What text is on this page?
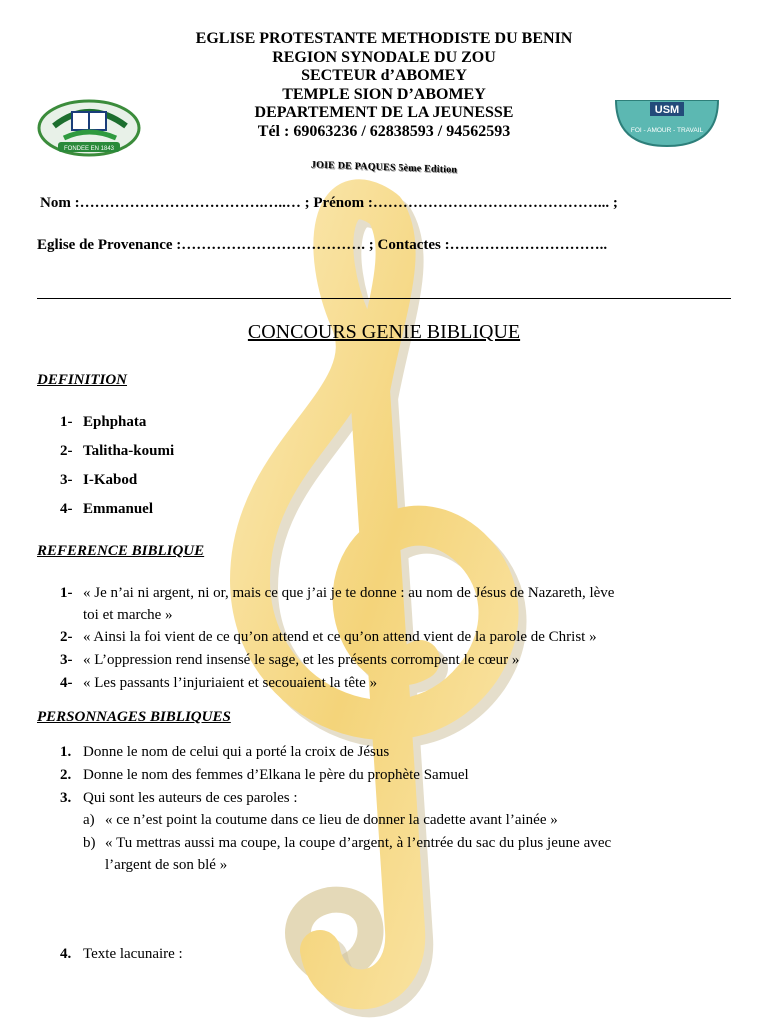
EGLISE PROTESTANTE METHODISTE DU BENIN
REGION SYNODALE DU ZOU
SECTEUR d’ABOMEY
TEMPLE SION D’ABOMEY
DEPARTEMENT DE LA JEUNESSE
Tél : 69063236 / 62838593 / 94562593
FONDEE EN 1843
USM
FOI - AMOUR - TRAVAIL
JOIE DE PAQUES 5ème Edition
Nom :……………………………….…..… ; Prénom :………………………………………... ;
Eglise de Provenance :………………………………. ; Contactes :…………………………..
CONCOURS GENIE BIBLIQUE
DEFINITION
1- Ephphata
2- Talitha-koumi
3- I-Kabod
4- Emmanuel
REFERENCE BIBLIQUE
1- « Je n’ai ni argent, ni or, mais ce que j’ai je te donne : au nom de Jésus de Nazareth, lève
toi et marche »
2- « Ainsi la foi vient de ce qu’on attend et ce qu’on attend vient de la parole de Christ »
3- « L’oppression rend insensé le sage, et les présents corrompent le cœur »
4- « Les passants l’injuriaient et secouaient la tête »
PERSONNAGES BIBLIQUES
1. Donne le nom de celui qui a porté la croix de Jésus
2. Donne le nom des femmes d’Elkana le père du prophète Samuel
3. Qui sont les auteurs de ces paroles :
a) « ce n’est point la coutume dans ce lieu de donner la cadette avant l’ainée »
b) « Tu mettras aussi ma coupe, la coupe d’argent, à l’entrée du sac du plus jeune avec
l’argent de son blé »
4. Texte lacunaire :
